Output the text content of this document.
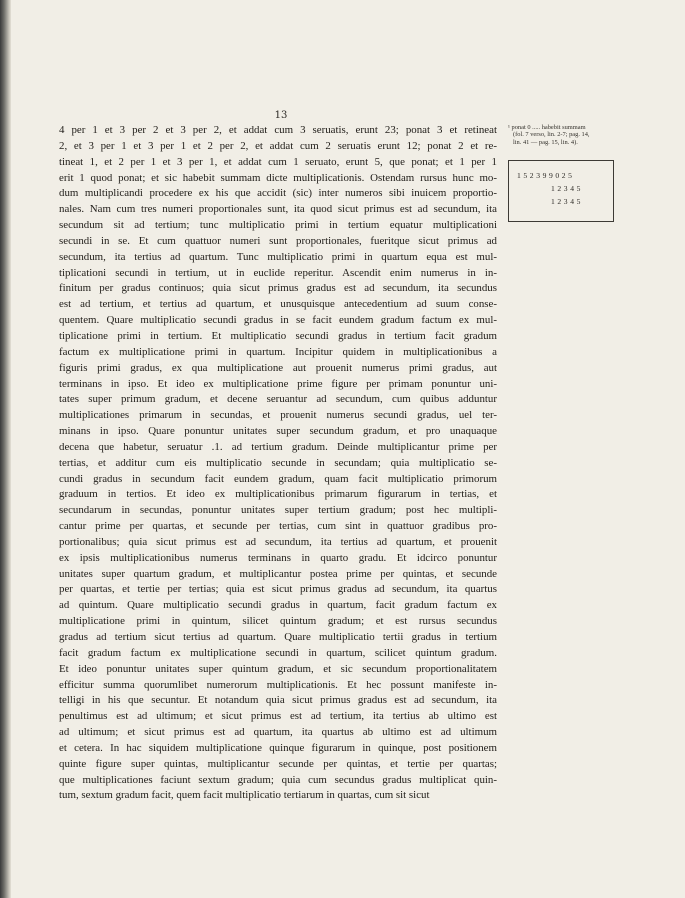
13
4 per 1 et 3 per 2 et 3 per 2, et addat cum 3 seruatis, erunt 23; ponat 3 et retineat
2, et 3 per 1 et 3 per 1 et 2 per 2, et addat cum 2 seruatis erunt 12; ponat 2 et re-
tineat 1, et 2 per 1 et 3 per 1, et addat cum 1 seruato, erunt 5, que ponat; et 1 per 1
erit 1 quod ponat; et sic habebit summam dicte multiplicationis. Ostendam rursus hunc mo-
dum multiplicandi procedere ex his que accidit (sic) inter numeros sibi inuicem proportio-
nales. Nam cum tres numeri proportionales sunt, ita quod sicut primus est ad secundum, ita
secundum sit ad tertium; tunc multiplicatio primi in tertium equatur multiplicationi
secundi in se. Et cum quattuor numeri sunt proportionales, fueritque sicut primus ad
secundum, ita tertius ad quartum. Tunc multiplicatio primi in quartum equa est mul-
tiplicationi secundi in tertium, ut in euclide reperitur. Ascendit enim numerus in in-
finitum per gradus continuos; quia sicut primus gradus est ad secundum, ita secundus
est ad tertium, et tertius ad quartum, et unusquisque antecedentium ad suum conse-
quentem. Quare multiplicatio secundi gradus in se facit eundem gradum factum ex mul-
tiplicatione primi in tertium. Et multiplicatio secundi gradus in tertium facit gradum
factum ex multiplicatione primi in quartum. Incipitur quidem in multiplicationibus a
figuris primi gradus, ex qua multiplicatione aut prouenit numerus primi gradus, aut
terminans in ipso. Et ideo ex multiplicatione prime figure per primam ponuntur uni-
tates super primum gradum, et decene seruantur ad secundum, cum quibus adduntur
multiplicationes primarum in secundas, et prouenit numerus secundi gradus, uel ter-
minans in ipso. Quare ponuntur unitates super secundum gradum, et pro unaquaque
decena que habetur, seruatur .1. ad tertium gradum. Deinde multiplicantur prime per
tertias, et additur cum eis multiplicatio secunde in secundam; quia multiplicatio se-
cundi gradus in secundum facit eundem gradum, quam facit multiplicatio primorum
graduum in tertios. Et ideo ex multiplicationibus primarum figurarum in tertias, et
secundarum in secundas, ponuntur unitates super tertium gradum; post hec multipli-
cantur prime per quartas, et secunde per tertias, cum sint in quattuor gradibus pro-
portionalibus; quia sicut primus est ad secundum, ita tertius ad quartum, et prouenit
ex ipsis multiplicationibus numerus terminans in quarto gradu. Et idcirco ponuntur
unitates super quartum gradum, et multiplicantur postea prime per quintas, et secunde
per quartas, et tertie per tertias; quia est sicut primus gradus ad secundum, ita quartus
ad quintum. Quare multiplicatio secundi gradus in quartum, facit gradum factum ex
multiplicatione primi in quintum, silicet quintum gradum; et est rursus secundus
gradus ad tertium sicut tertius ad quartum. Quare multiplicatio tertii gradus in tertium
facit gradum factum ex multiplicatione secundi in quartum, scilicet quintum gradum.
Et ideo ponuntur unitates super quintum gradum, et sic secundum proportionalitatem
efficitur summa quorumlibet numerorum multiplicationis. Et hec possunt manifeste in-
telligi in his que secuntur. Et notandum quia sicut primus gradus est ad secundum, ita
penultimus est ad ultimum; et sicut primus est ad tertium, ita tertius ab ultimo est
ad ultimum; et sicut primus est ad quartum, ita quartus ab ultimo est ad ultimum
et cetera. In hac siquidem multiplicatione quinque figurarum in quinque, post positionem
quinte figure super quintas, multiplicantur secunde per quintas, et tertie per quartas;
que multiplicationes faciunt sextum gradum; quia cum secundus gradus multiplicat quin-
tum, sextum gradum facit, quem facit multiplicatio tertiarum in quartas, cum sit sicut
¹ ponat 0 ..... habebit summam
(fol. 7 verso, lin. 2-7; pag. 14,
lin. 41 — pag. 15, lin. 4).
152399025
12345
12345
